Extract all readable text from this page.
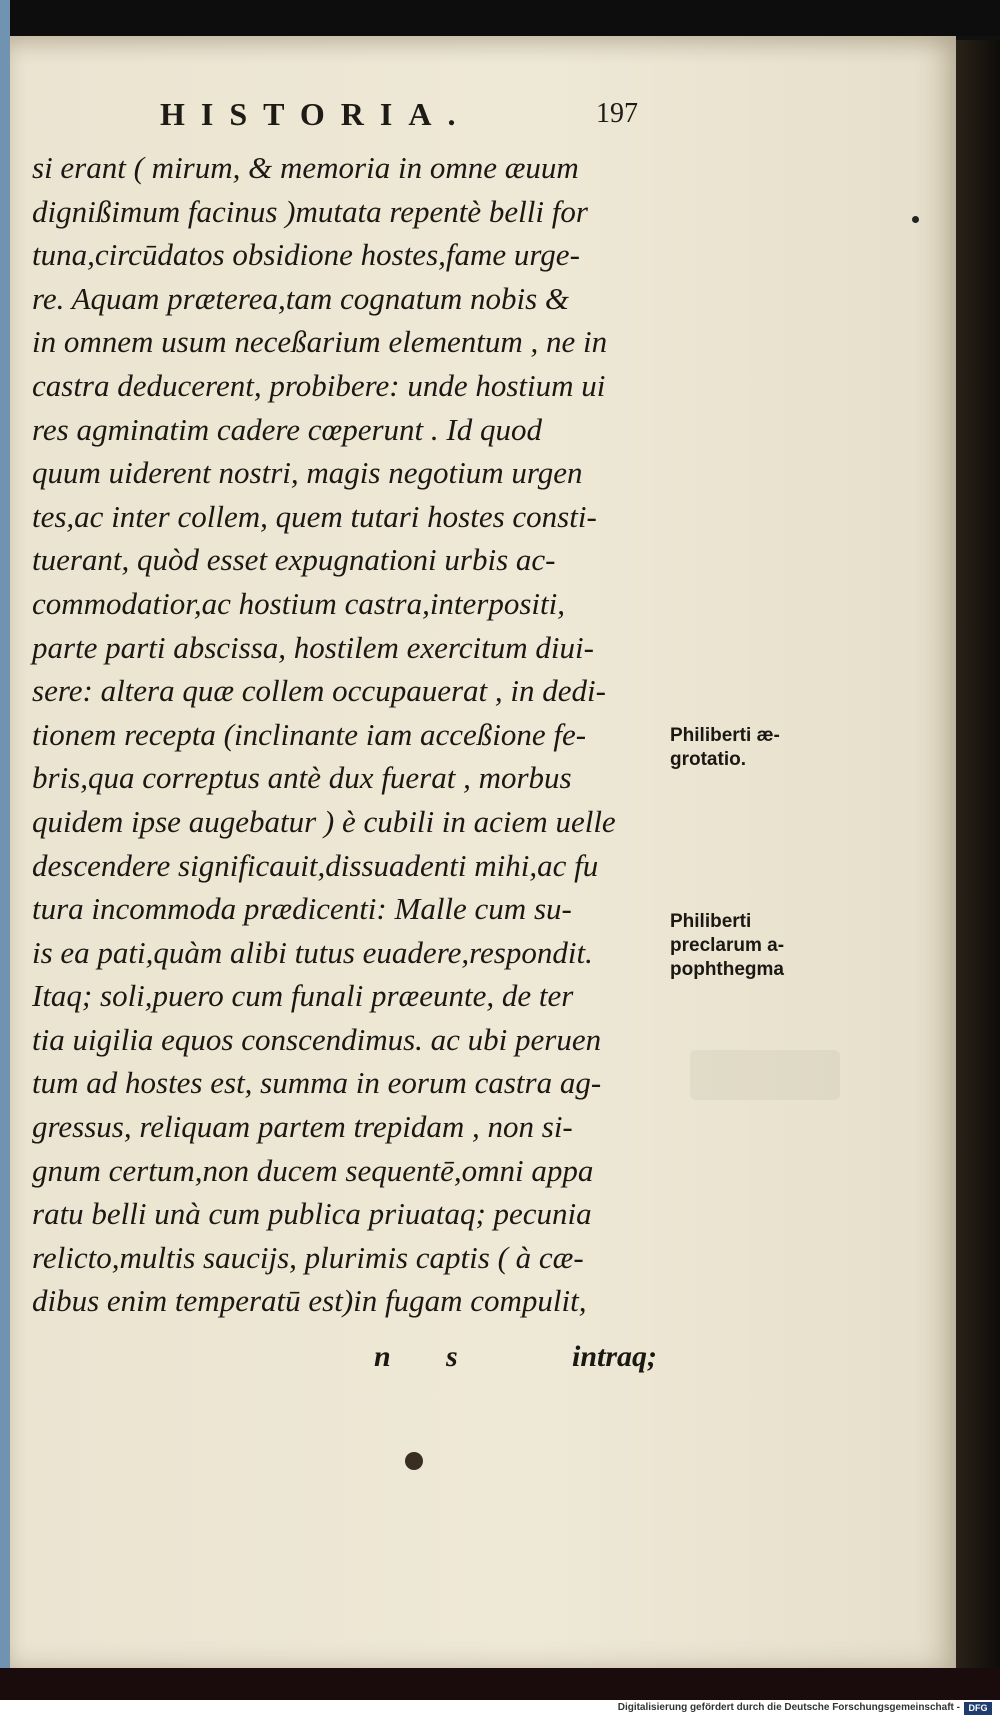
HISTORIA.	197
si erant ( mirum, & memoria in omne æuum
dignißimum facinus )mutata repentè belli for
tuna,circūdatos obsidione hostes,fame urge-
re. Aquam præterea,tam cognatum nobis &
in omnem usum neceßarium elementum , ne in
castra deducerent, probibere: unde hostium ui
res agminatim cadere cœperunt . Id quod
quum uiderent nostri, magis negotium urgen
tes,ac inter collem, quem tutari hostes consti-
tuerant, quòd esset expugnationi urbis ac-
commodatior,ac hostium castra,interpositi,
parte parti abscissa, hostilem exercitum diui-
sere: altera quæ collem occupauerat , in dedi-
tionem recepta (inclinante iam acceßione fe-
bris,qua correptus antè dux fuerat , morbus
quidem ipse augebatur ) è cubili in aciem uelle
descendere significauit,dissuadenti mihi,ac fu
tura incommoda prædicenti: Malle cum su-
is ea pati,quàm alibi tutus euadere,respondit.
Itaq; soli,puero cum funali præeunte, de ter
tia uigilia equos conscendimus. ac ubi peruen
tum ad hostes est, summa in eorum castra ag-
gressus, reliquam partem trepidam , non si-
gnum certum,non ducem sequentē,omni appa
ratu belli unà cum publica priuataq; pecunia
relicto,multis saucijs, plurimis captis ( à cæ-
dibus enim temperatū est)in fugam compulit,
n s	intraq;
Philiberti æ-
grotatio.
Philiberti
preclarum a-
pophthegma
Digitalisierung gefördert durch die Deutsche Forschungsgemeinschaft - DFG
